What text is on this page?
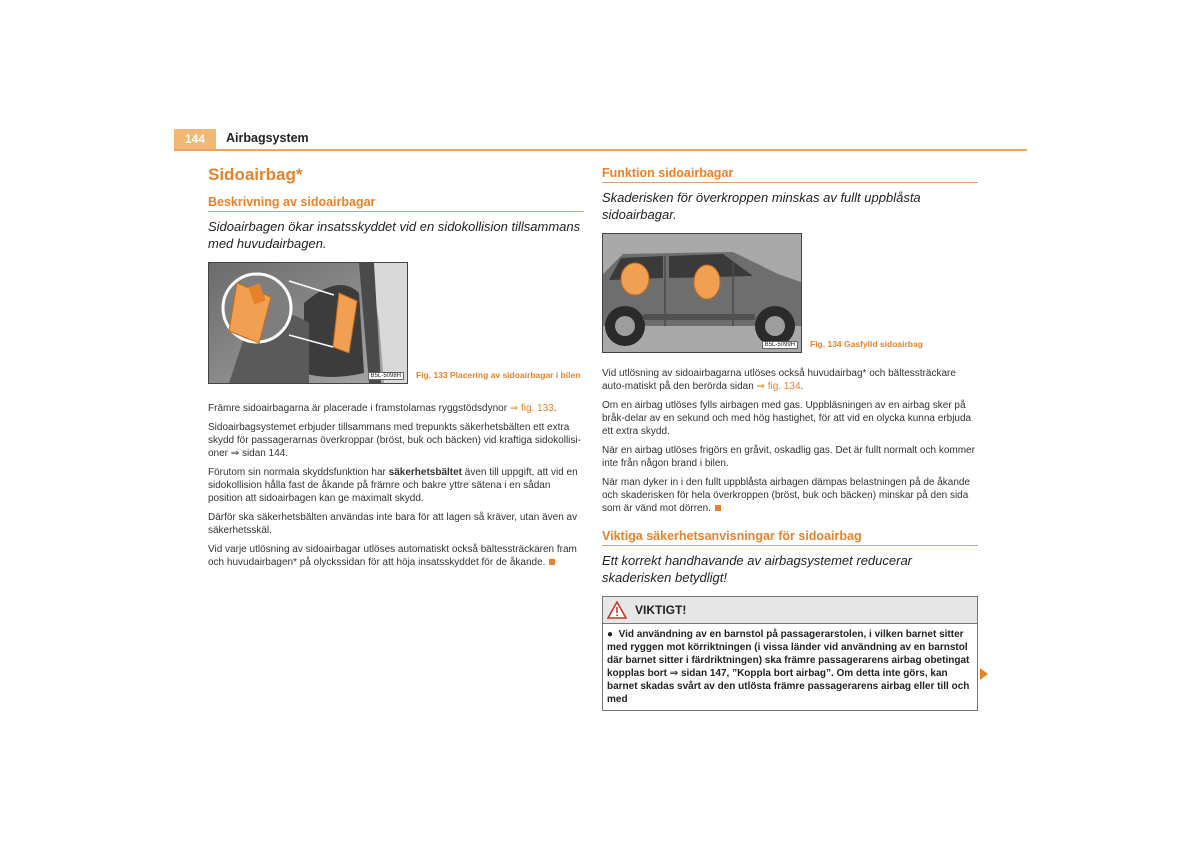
144	Airbagsystem
Sidoairbag*
Beskrivning av sidoairbagar
Sidoairbagen ökar insatsskyddet vid en sidokollision tillsammans med huvudairbagen.
B5L-5098H	Fig. 133 Placering av sidoairbagar i bilen

Främre sidoairbagarna är placerade i framstolarnas ryggstödsdynor ⇒ fig. 133.

Sidoairbagsystemet erbjuder tillsammans med trepunkts säkerhetsbälten ett extra skydd för passagerarnas överkroppar (bröst, buk och bäcken) vid kraftiga sidokollisi-oner ⇒ sidan 144.

Förutom sin normala skyddsfunktion har säkerhetsbältet även till uppgift, att vid en sidokollision hålla fast de åkande på främre och bakre yttre sätena i en sådan position att sidoairbagen kan ge maximalt skydd.

Därför ska säkerhetsbälten användas inte bara för att lagen så kräver, utan även av säkerhetsskäl.

Vid varje utlösning av sidoairbagar utlöses automatiskt också bältessträckaren fram och huvudairbagen* på olyckssidan för att höja insatsskyddet för de åkande.

Funktion sidoairbagar
Skaderisken för överkroppen minskas av fullt uppblåsta sidoairbagar.
B5L-5099H	Fig. 134 Gasfylld sidoairbag

Vid utlösning av sidoairbagarna utlöses också huvudairbag* och bältessträckare auto-matiskt på den berörda sidan ⇒ fig. 134.

Om en airbag utlöses fylls airbagen med gas. Uppbläsningen av en airbag sker på bråk-delar av en sekund och med hög hastighet, för att vid en olycka kunna erbjuda ett extra skydd.

När en airbag utlöses frigörs en gråvit, oskadlig gas. Det är fullt normalt och kommer inte från någon brand i bilen.

När man dyker in i den fullt uppblåsta airbagen dämpas belastningen på de åkande och skaderisken för hela överkroppen (bröst, buk och bäcken) minskar på den sida som är vänd mot dörren.

Viktiga säkerhetsanvisningar för sidoairbag
Ett korrekt handhavande av airbagsystemet reducerar skaderisken betydligt!
VIKTIGT!
● Vid användning av en barnstol på passagerarstolen, i vilken barnet sitter med ryggen mot körriktningen (i vissa länder vid användning av en barnstol där barnet sitter i färdriktningen) ska främre passagerarens airbag obetingat kopplas bort ⇒ sidan 147, ”Koppla bort airbag”. Om detta inte görs, kan barnet skadas svårt av den utlösta främre passagerarens airbag eller till och med
